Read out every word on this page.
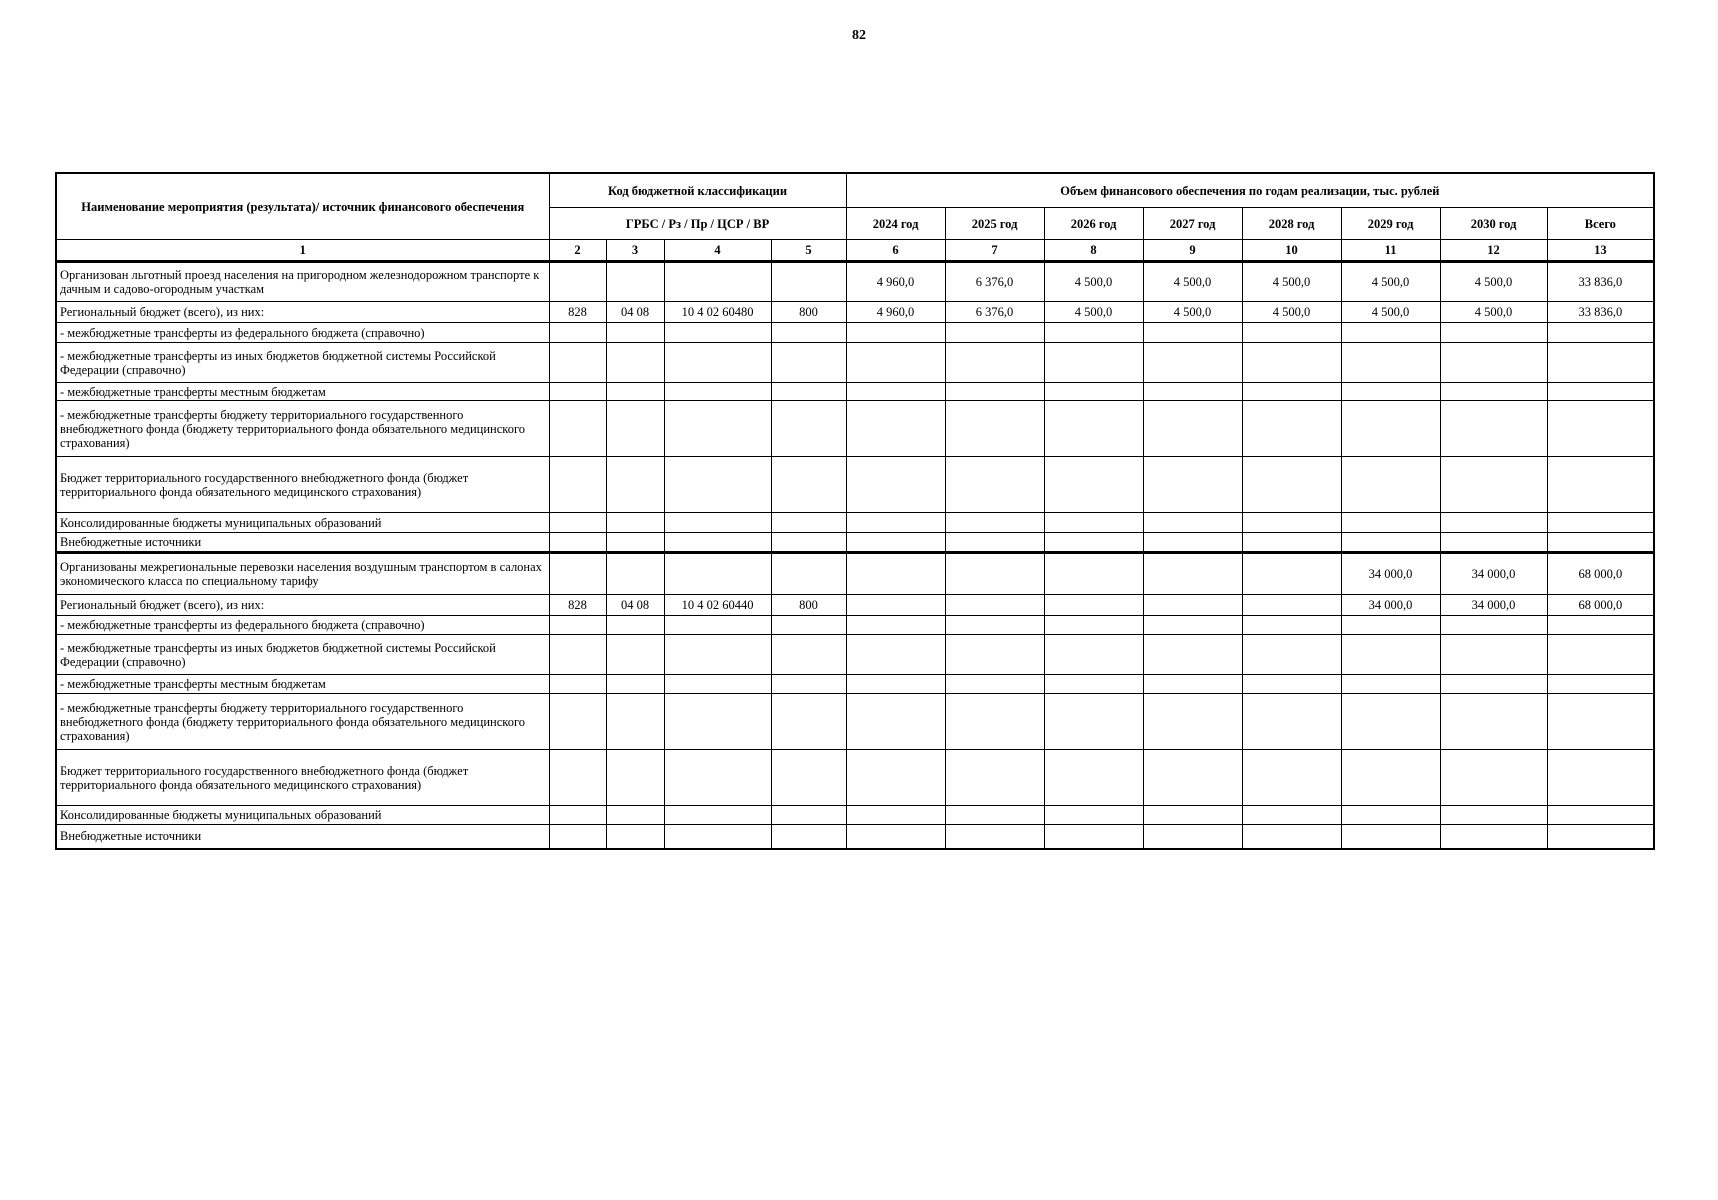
82
Наименование мероприятия (результата)/ источник финансового обеспечения	Код бюджетной классификации				Объем финансового обеспечения по годам реализации, тыс. рублей							
	ГРБС / Рз / Пр / ЦСР / ВР				2024 год	2025 год	2026 год	2027 год	2028 год	2029 год	2030 год	Всего
1	2	3	4	5	6	7	8	9	10	11	12	13
Организован льготный проезд населения на пригородном железнодорожном транспорте к дачным и садово-огородным участкам					4 960,0	6 376,0	4 500,0	4 500,0	4 500,0	4 500,0	4 500,0	33 836,0
Региональный бюджет (всего), из них:	828	04 08	10 4 02 60480	800	4 960,0	6 376,0	4 500,0	4 500,0	4 500,0	4 500,0	4 500,0	33 836,0
- межбюджетные трансферты из федерального бюджета (справочно)												
- межбюджетные трансферты из иных бюджетов бюджетной системы Российской Федерации (справочно)												
- межбюджетные трансферты местным бюджетам												
- межбюджетные трансферты бюджету территориального государственного внебюджетного фонда (бюджету территориального фонда обязательного медицинского страхования)												
Бюджет территориального государственного внебюджетного фонда (бюджет территориального фонда обязательного медицинского страхования)												
Консолидированные бюджеты муниципальных образований												
Внебюджетные источники												
Организованы межрегиональные перевозки населения воздушным транспортом в салонах экономического класса по специальному тарифу										34 000,0	34 000,0	68 000,0
Региональный бюджет (всего), из них:	828	04 08	10 4 02 60440	800						34 000,0	34 000,0	68 000,0
- межбюджетные трансферты из федерального бюджета (справочно)												
- межбюджетные трансферты из иных бюджетов бюджетной системы Российской Федерации (справочно)												
- межбюджетные трансферты местным бюджетам												
- межбюджетные трансферты бюджету территориального государственного внебюджетного фонда (бюджету территориального фонда обязательного медицинского страхования)												
Бюджет территориального государственного внебюджетного фонда (бюджет территориального фонда обязательного медицинского страхования)												
Консолидированные бюджеты муниципальных образований												
Внебюджетные источники												
